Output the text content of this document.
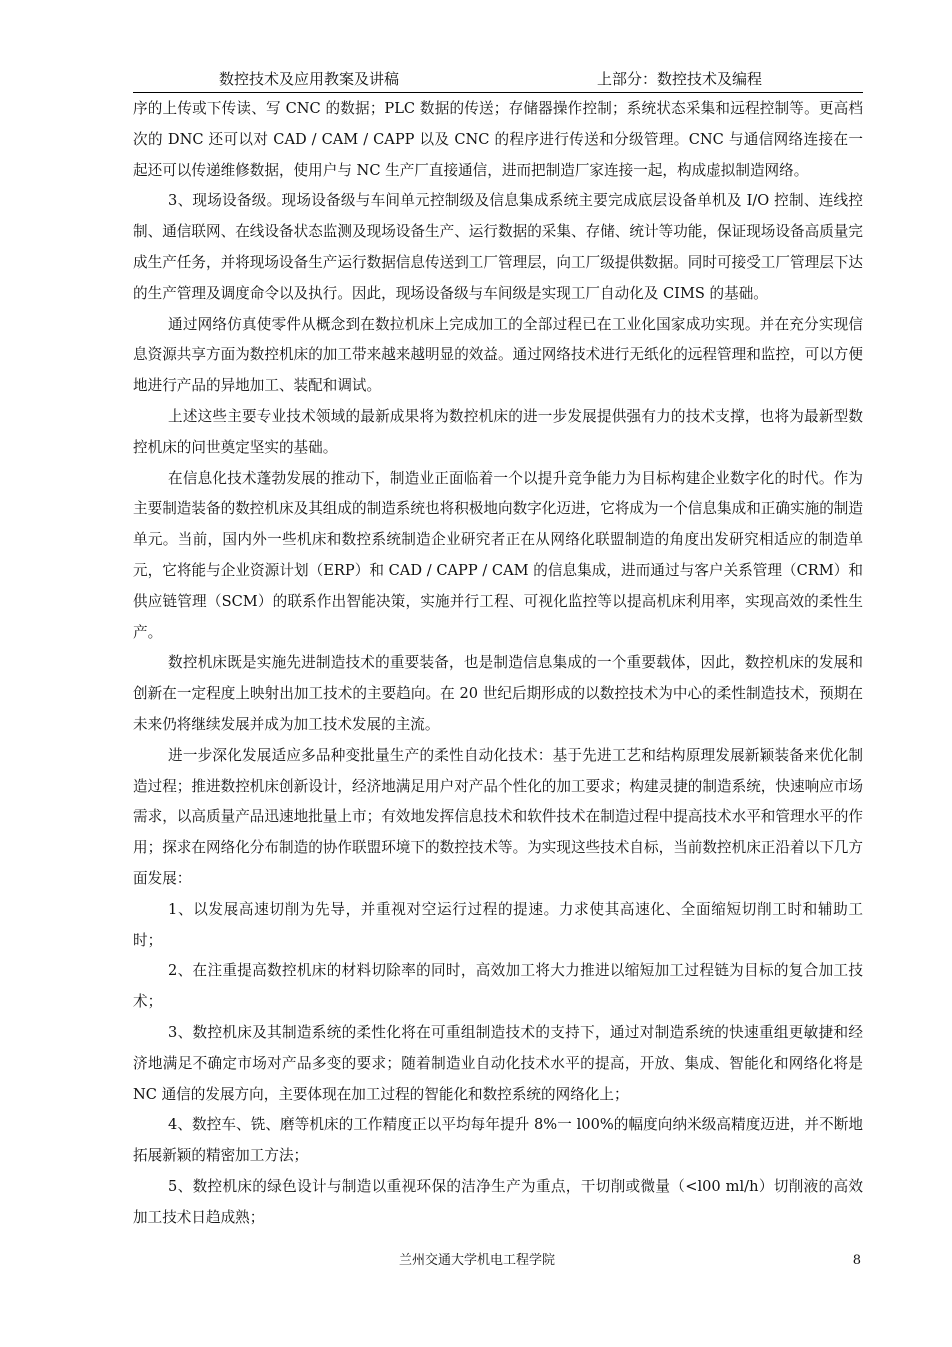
数控技术及应用教案及讲稿	上部分：数控技术及编程

序的上传或下传读、写 CNC 的数据；PLC 数据的传送；存储器操作控制；系统状态采集和远程控制等。更高档次的 DNC 还可以对 CAD / CAM / CAPP 以及 CNC 的程序进行传送和分级管理。CNC 与通信网络连接在一起还可以传递维修数据，使用户与 NC 生产厂直接通信，进而把制造厂家连接一起，构成虚拟制造网络。

3、现场设备级。现场设备级与车间单元控制级及信息集成系统主要完成底层设备单机及 I/O 控制、连线控制、通信联网、在线设备状态监测及现场设备生产、运行数据的采集、存储、统计等功能，保证现场设备高质量完成生产任务，并将现场设备生产运行数据信息传送到工厂管理层，向工厂级提供数据。同时可接受工厂管理层下达的生产管理及调度命令以及执行。因此，现场设备级与车间级是实现工厂自动化及 CIMS 的基础。

通过网络仿真使零件从概念到在数拉机床上完成加工的全部过程已在工业化国家成功实现。并在充分实现信息资源共享方面为数控机床的加工带来越来越明显的效益。通过网络技术进行无纸化的远程管理和监控，可以方便地进行产品的异地加工、装配和调试。

上述这些主要专业技术领域的最新成果将为数控机床的进一步发展提供强有力的技术支撑，也将为最新型数控机床的问世奠定坚实的基础。

在信息化技术蓬勃发展的推动下，制造业正面临着一个以提升竞争能力为目标构建企业数字化的时代。作为主要制造装备的数控机床及其组成的制造系统也将积极地向数字化迈进，它将成为一个信息集成和正确实施的制造单元。当前，国内外一些机床和数控系统制造企业研究者正在从网络化联盟制造的角度出发研究相适应的制造单元，它将能与企业资源计划（ERP）和 CAD / CAPP / CAM 的信息集成，进而通过与客户关系管理（CRM）和供应链管理（SCM）的联系作出智能决策，实施并行工程、可视化监控等以提高机床利用率，实现高效的柔性生产。

数控机床既是实施先进制造技术的重要装备，也是制造信息集成的一个重要载体，因此，数控机床的发展和创新在一定程度上映射出加工技术的主要趋向。在 20 世纪后期形成的以数控技术为中心的柔性制造技术，预期在未来仍将继续发展并成为加工技术发展的主流。

进一步深化发展适应多品种变批量生产的柔性自动化技术：基于先进工艺和结构原理发展新颖装备来优化制造过程；推进数控机床创新设计，经济地满足用户对产品个性化的加工要求；构建灵捷的制造系统，快速响应市场需求，以高质量产品迅速地批量上市；有效地发挥信息技术和软件技术在制造过程中提高技术水平和管理水平的作用；探求在网络化分布制造的协作联盟环境下的数控技术等。为实现这些技术自标，当前数控机床正沿着以下几方面发展：

1、以发展高速切削为先导，并重视对空运行过程的提速。力求使其高速化、全面缩短切削工时和辅助工时；

2、在注重提高数控机床的材料切除率的同时，高效加工将大力推进以缩短加工过程链为目标的复合加工技术；

3、数控机床及其制造系统的柔性化将在可重组制造技术的支持下，通过对制造系统的快速重组更敏捷和经济地满足不确定市场对产品多变的要求；随着制造业自动化技术水平的提高，开放、集成、智能化和网络化将是 NC 通信的发展方向，主要体现在加工过程的智能化和数控系统的网络化上；

4、数控车、铣、磨等机床的工作精度正以平均每年提升 8%一 l00%的幅度向纳米级高精度迈进，并不断地拓展新颖的精密加工方法；

5、数控机床的绿色设计与制造以重视环保的洁净生产为重点，干切削或微量（<l00 ml/h）切削液的高效加工技术日趋成熟；

兰州交通大学机电工程学院	8
